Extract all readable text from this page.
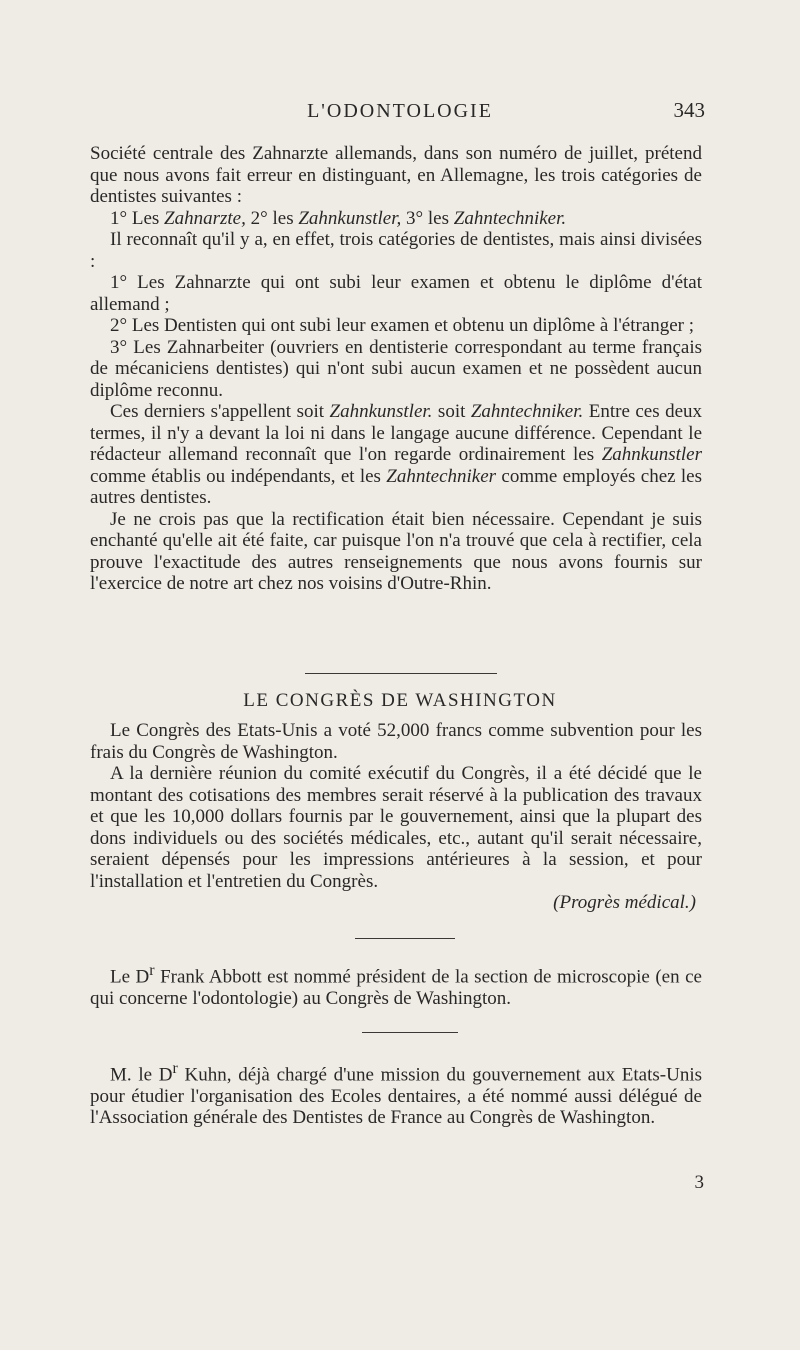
L'ODONTOLOGIE	343

Société centrale des Zahnarzte allemands, dans son numéro de juillet, prétend que nous avons fait erreur en distinguant, en Allemagne, les trois catégories de dentistes suivantes :

1° Les Zahnarzte, 2° les Zahnkunstler, 3° les Zahntechniker.

Il reconnaît qu'il y a, en effet, trois catégories de dentistes, mais ainsi divisées :

1° Les Zahnarzte qui ont subi leur examen et obtenu le diplôme d'état allemand ;

2° Les Dentisten qui ont subi leur examen et obtenu un diplôme à l'étranger ;

3° Les Zahnarbeiter (ouvriers en dentisterie correspondant au terme français de mécaniciens dentistes) qui n'ont subi aucun examen et ne possèdent aucun diplôme reconnu.

Ces derniers s'appellent soit Zahnkunstler. soit Zahntechniker. Entre ces deux termes, il n'y a devant la loi ni dans le langage aucune différence. Cependant le rédacteur allemand reconnaît que l'on regarde ordinairement les Zahnkunstler comme établis ou indépendants, et les Zahntechniker comme employés chez les autres dentistes.

Je ne crois pas que la rectification était bien nécessaire. Cependant je suis enchanté qu'elle ait été faite, car puisque l'on n'a trouvé que cela à rectifier, cela prouve l'exactitude des autres renseignements que nous avons fournis sur l'exercice de notre art chez nos voisins d'Outre-Rhin.

LE CONGRÈS DE WASHINGTON

Le Congrès des Etats-Unis a voté 52,000 francs comme subvention pour les frais du Congrès de Washington.

A la dernière réunion du comité exécutif du Congrès, il a été décidé que le montant des cotisations des membres serait réservé à la publication des travaux et que les 10,000 dollars fournis par le gouvernement, ainsi que la plupart des dons individuels ou des sociétés médicales, etc., autant qu'il serait nécessaire, seraient dépensés pour les impressions antérieures à la session, et pour l'installation et l'entretien du Congrès.

(Progrès médical.)

Le $D^r$ Frank Abbott est nommé président de la section de microscopie (en ce qui concerne l'odontologie) au Congrès de Washington.

M. le $D^r$ Kuhn, déjà chargé d'une mission du gouvernement aux Etats-Unis pour étudier l'organisation des Ecoles dentaires, a été nommé aussi délégué de l'Association générale des Dentistes de France au Congrès de Washington.

3
